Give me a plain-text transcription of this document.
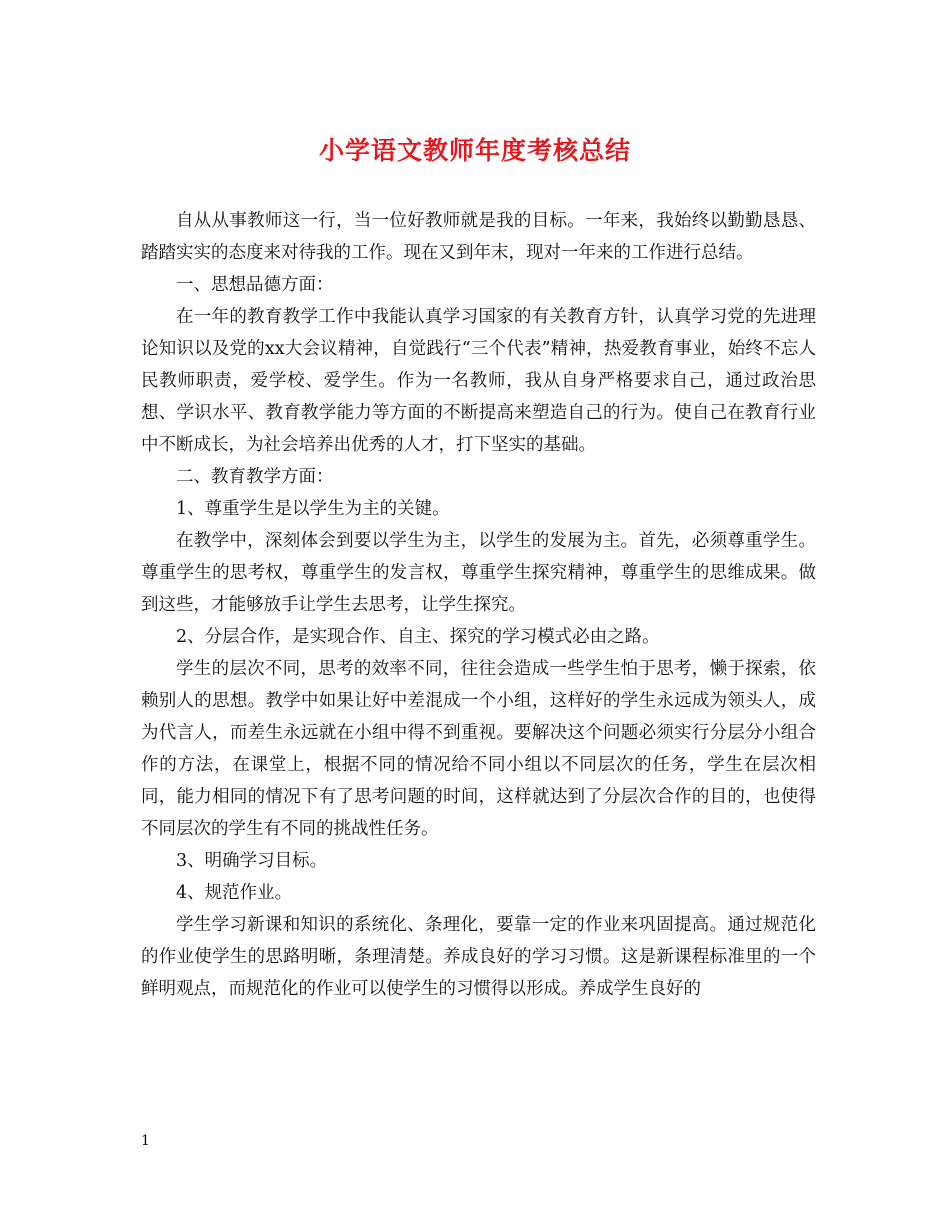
小学语文教师年度考核总结

自从从事教师这一行，当一位好教师就是我的目标。一年来，我始终以勤勤恳恳、踏踏实实的态度来对待我的工作。现在又到年末，现对一年来的工作进行总结。

一、思想品德方面：

在一年的教育教学工作中我能认真学习国家的有关教育方针，认真学习党的先进理论知识以及党的xx大会议精神，自觉践行“三个代表”精神，热爱教育事业，始终不忘人民教师职责，爱学校、爱学生。作为一名教师，我从自身严格要求自己，通过政治思想、学识水平、教育教学能力等方面的不断提高来塑造自己的行为。使自己在教育行业中不断成长，为社会培养出优秀的人才，打下坚实的基础。

二、教育教学方面：

1、尊重学生是以学生为主的关键。

在教学中，深刻体会到要以学生为主，以学生的发展为主。首先，必须尊重学生。尊重学生的思考权，尊重学生的发言权，尊重学生探究精神，尊重学生的思维成果。做到这些，才能够放手让学生去思考，让学生探究。

2、分层合作，是实现合作、自主、探究的学习模式必由之路。

学生的层次不同，思考的效率不同，往往会造成一些学生怕于思考，懒于探索，依赖别人的思想。教学中如果让好中差混成一个小组，这样好的学生永远成为领头人，成为代言人，而差生永远就在小组中得不到重视。要解决这个问题必须实行分层分小组合作的方法，在课堂上，根据不同的情况给不同小组以不同层次的任务，学生在层次相同，能力相同的情况下有了思考问题的时间，这样就达到了分层次合作的目的，也使得不同层次的学生有不同的挑战性任务。

3、明确学习目标。

4、规范作业。

学生学习新课和知识的系统化、条理化，要靠一定的作业来巩固提高。通过规范化的作业使学生的思路明晰，条理清楚。养成良好的学习习惯。这是新课程标准里的一个鲜明观点，而规范化的作业可以使学生的习惯得以形成。养成学生良好的

1
